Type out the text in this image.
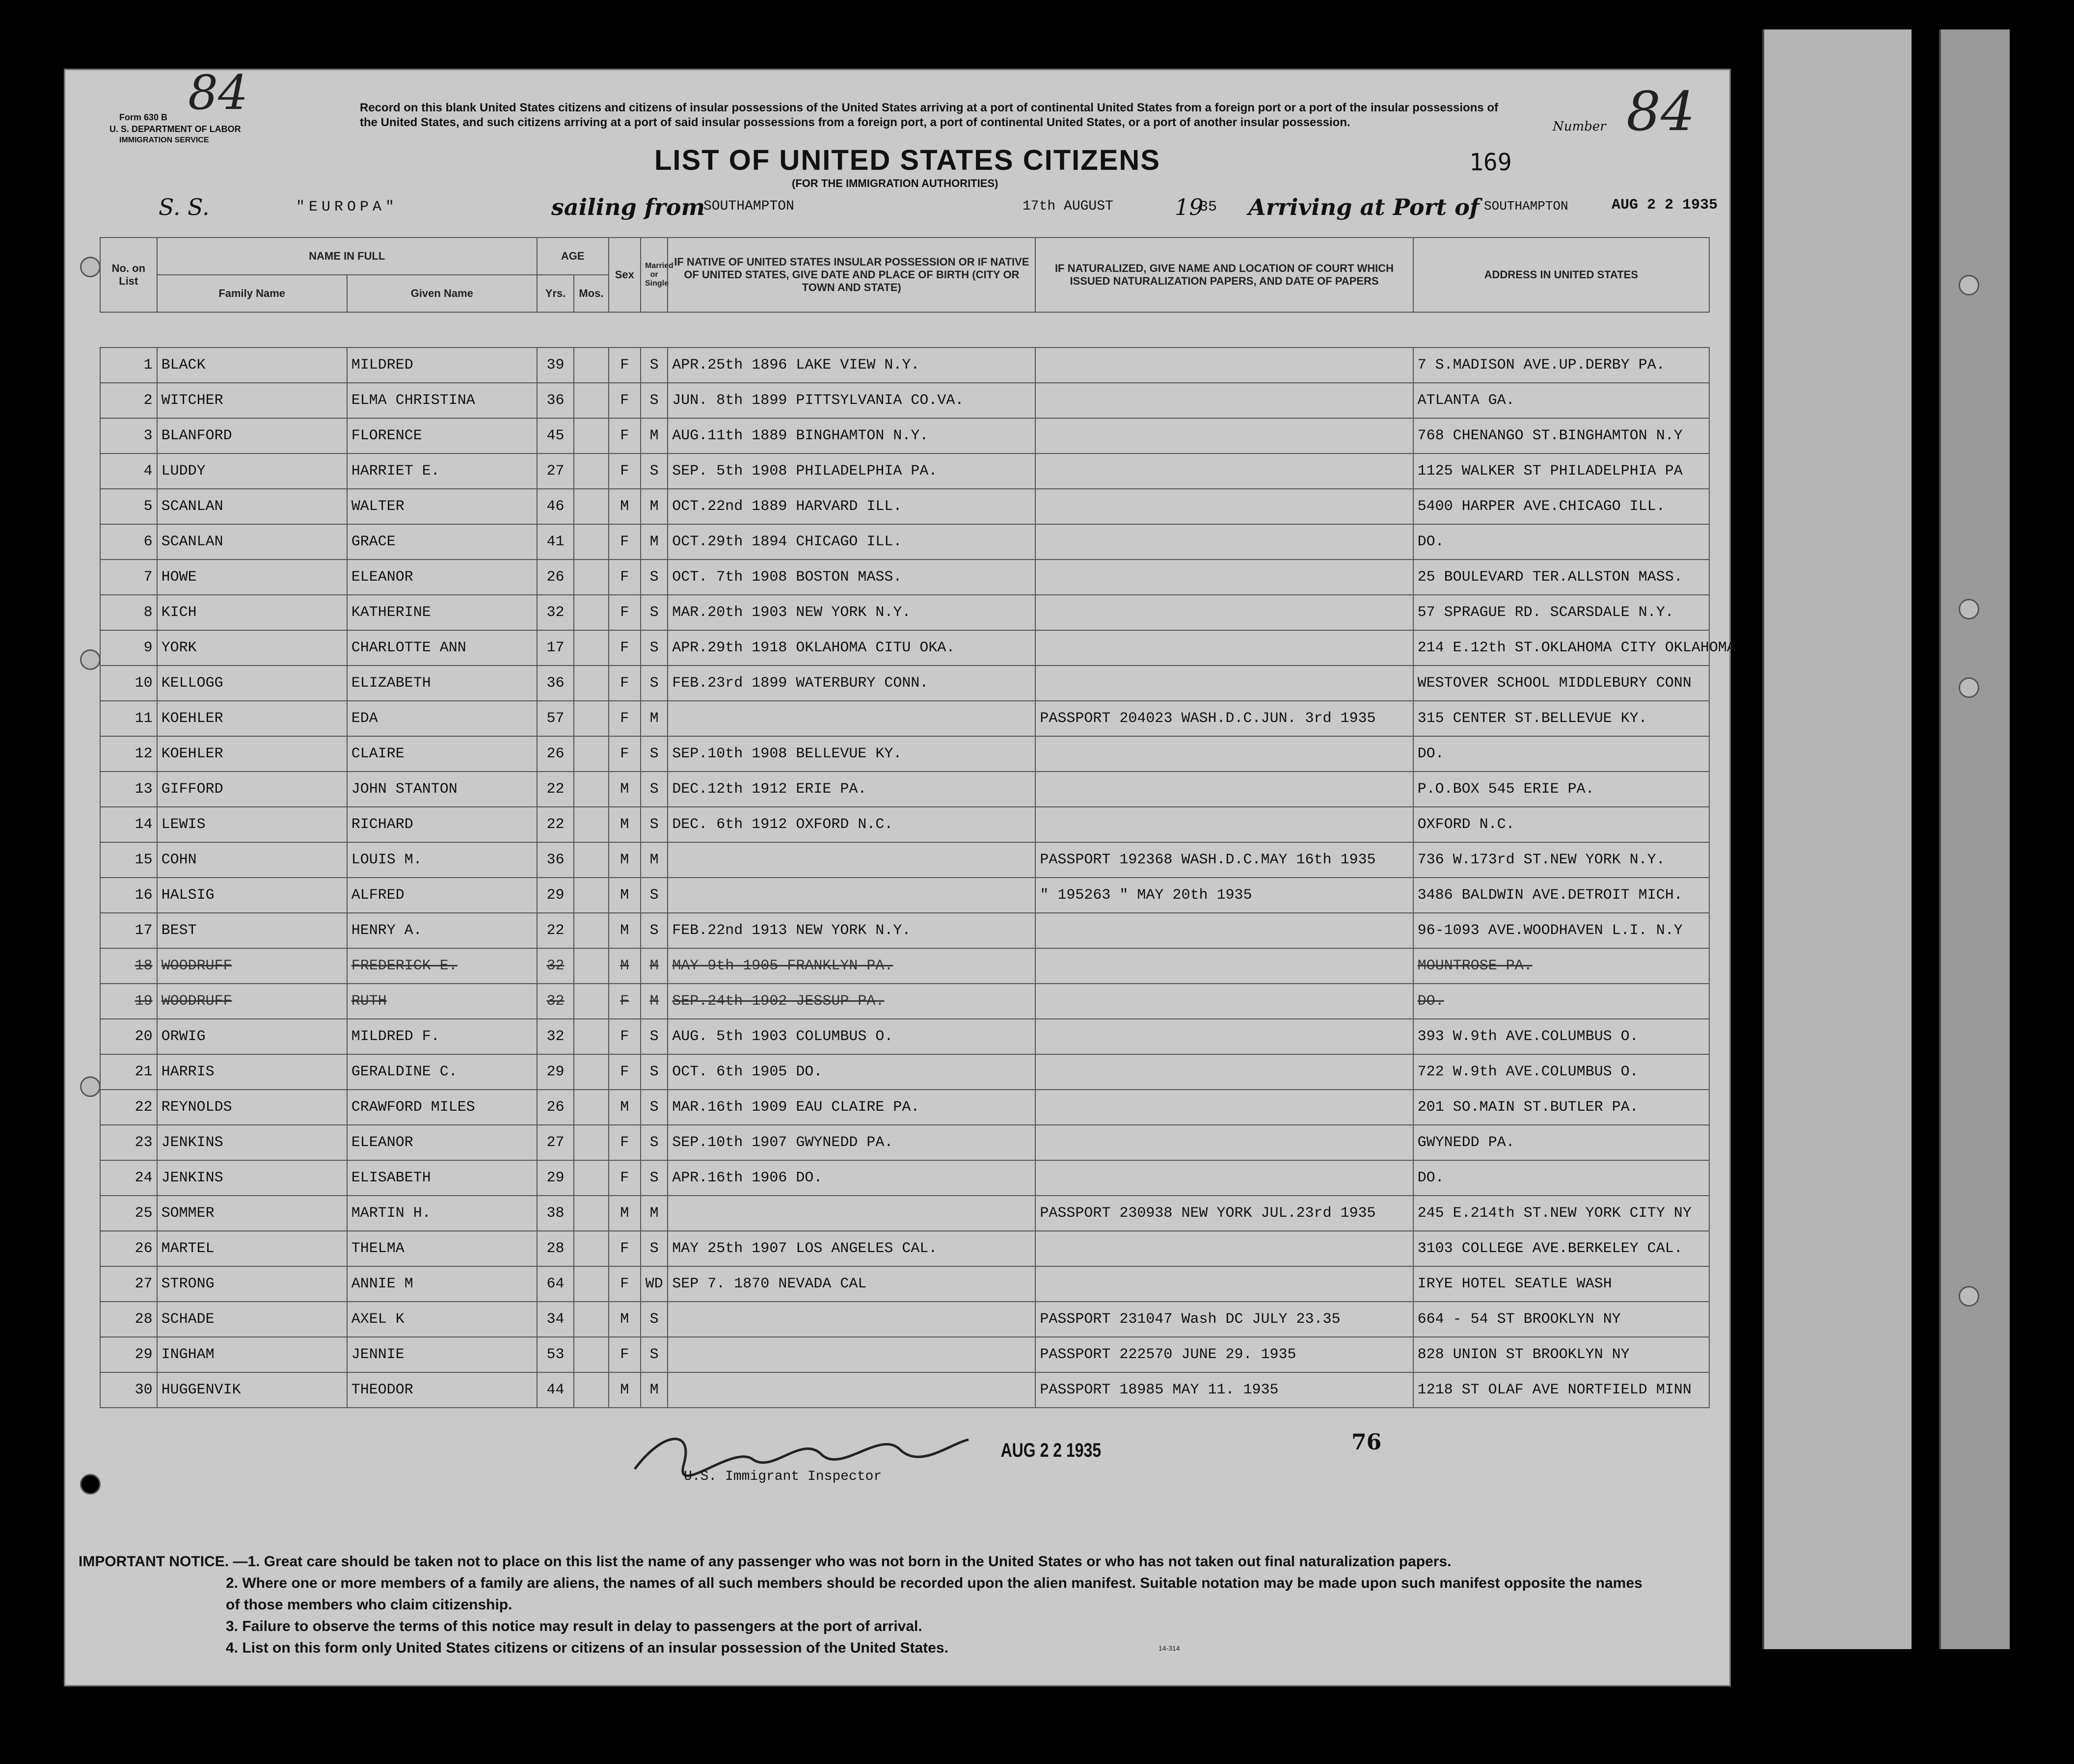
Form 630 B
U. S. DEPARTMENT OF LABOR
IMMIGRATION SERVICE
84	Record on this blank United States citizens and citizens of insular possessions of the United States arriving at a port of continental United States from a foreign port or a port of the insular possessions of the United States, and such citizens arriving at a port of said insular possessions from a foreign port, a port of continental United States, or a port of another insular possession.	Number 84
LIST OF UNITED STATES CITIZENS
(FOR THE IMMIGRATION AUTHORITIES)
169
S. S.	"EUROPA"	sailing from
SOUTHAMPTON	17th AUGUST	19
35 Arriving at Port of SOUTHAMPTON	AUG 2 2 1935
No. on List	NAME IN FULL		AGE		Sex	Married or Single	IF NATIVE OF UNITED STATES INSULAR POSSESSION OR IF NATIVE OF UNITED STATES, GIVE DATE AND PLACE OF BIRTH (CITY OR TOWN AND STATE)	IF NATURALIZED, GIVE NAME AND LOCATION OF COURT WHICH ISSUED NATURALIZATION PAPERS, AND DATE OF PAPERS	ADDRESS IN UNITED STATES
	Family Name	Given Name	Yrs.	Mos.					

1	BLACK	MILDRED	39		F	S	APR.25th 1896 LAKE VIEW N.Y.		7 S.MADISON AVE.UP.DERBY PA.
2	WITCHER	ELMA CHRISTINA	36		F	S	JUN. 8th 1899 PITTSYLVANIA CO.VA.		ATLANTA GA.
3	BLANFORD	FLORENCE	45		F	M	AUG.11th 1889 BINGHAMTON N.Y.		768 CHENANGO ST.BINGHAMTON N.Y
4	LUDDY	HARRIET E.	27		F	S	SEP. 5th 1908 PHILADELPHIA PA.		1125 WALKER ST PHILADELPHIA PA
5	SCANLAN	WALTER	46		M	M	OCT.22nd 1889 HARVARD ILL.		5400 HARPER AVE.CHICAGO ILL.
6	SCANLAN	GRACE	41		F	M	OCT.29th 1894 CHICAGO ILL.		DO.
7	HOWE	ELEANOR	26		F	S	OCT. 7th 1908 BOSTON MASS.		25 BOULEVARD TER.ALLSTON MASS.
8	KICH	KATHERINE	32		F	S	MAR.20th 1903 NEW YORK N.Y.		57 SPRAGUE RD. SCARSDALE N.Y.
9	YORK	CHARLOTTE ANN	17		F	S	APR.29th 1918 OKLAHOMA CITU OKA.		214 E.12th ST.OKLAHOMA CITY OKLAHOMA
10	KELLOGG	ELIZABETH	36		F	S	FEB.23rd 1899 WATERBURY CONN.		WESTOVER SCHOOL MIDDLEBURY CONN
11	KOEHLER	EDA	57		F	M		PASSPORT 204023 WASH.D.C.JUN. 3rd 1935	315 CENTER ST.BELLEVUE KY.
12	KOEHLER	CLAIRE	26		F	S	SEP.10th 1908 BELLEVUE KY.		DO.
13	GIFFORD	JOHN STANTON	22		M	S	DEC.12th 1912 ERIE PA.		P.O.BOX 545 ERIE PA.
14	LEWIS	RICHARD	22		M	S	DEC. 6th 1912 OXFORD N.C.		OXFORD N.C.
15	COHN	LOUIS M.	36		M	M		PASSPORT 192368 WASH.D.C.MAY 16th 1935	736 W.173rd ST.NEW YORK N.Y.
16	HALSIG	ALFRED	29		M	S		" 195263 " MAY 20th 1935	3486 BALDWIN AVE.DETROIT MICH.
17	BEST	HENRY A.	22		M	S	FEB.22nd 1913 NEW YORK N.Y.		96-1093 AVE.WOODHAVEN L.I. N.Y
18	WOODRUFF	FREDERICK E.	32		M	M	MAY 9th 1905 FRANKLYN PA.		MOUNTROSE PA.
19	WOODRUFF	RUTH	32		F	M	SEP.24th 1902 JESSUP PA.		DO.
20	ORWIG	MILDRED F.	32		F	S	AUG. 5th 1903 COLUMBUS O.		393 W.9th AVE.COLUMBUS O.
21	HARRIS	GERALDINE C.	29		F	S	OCT. 6th 1905 DO.		722 W.9th AVE.COLUMBUS O.
22	REYNOLDS	CRAWFORD MILES	26		M	S	MAR.16th 1909 EAU CLAIRE PA.		201 SO.MAIN ST.BUTLER PA.
23	JENKINS	ELEANOR	27		F	S	SEP.10th 1907 GWYNEDD PA.		GWYNEDD PA.
24	JENKINS	ELISABETH	29		F	S	APR.16th 1906 DO.		DO.
25	SOMMER	MARTIN H.	38		M	M		PASSPORT 230938 NEW YORK JUL.23rd 1935	245 E.214th ST.NEW YORK CITY NY
26	MARTEL	THELMA	28		F	S	MAY 25th 1907 LOS ANGELES CAL.		3103 COLLEGE AVE.BERKELEY CAL.
27	STRONG	ANNIE M	64		F	WD	SEP 7. 1870 NEVADA CAL		IRYE HOTEL SEATLE WASH
28	SCHADE	AXEL K	34		M	S		PASSPORT 231047 Wash DC JULY 23.35	664 - 54 ST BROOKLYN NY
29	INGHAM	JENNIE	53		F	S		PASSPORT 222570 JUNE 29. 1935	828 UNION ST BROOKLYN NY
30	HUGGENVIK	THEODOR	44		M	M		PASSPORT 18985 MAY 11. 1935	1218 ST OLAF AVE NORTFIELD MINN
U.S. Immigrant Inspector
AUG 2 2 1935	76
IMPORTANT NOTICE. —1. Great care should be taken not to place on this list the name of any passenger who was not born in the United States or who has not taken out final naturalization papers.
2. Where one or more members of a family are aliens, the names of all such members should be recorded upon the alien manifest. Suitable notation may be made upon such manifest opposite the names of those members who claim citizenship.
3. Failure to observe the terms of this notice may result in delay to passengers at the port of arrival.
4. List on this form only United States citizens or citizens of an insular possession of the United States.	14-314
